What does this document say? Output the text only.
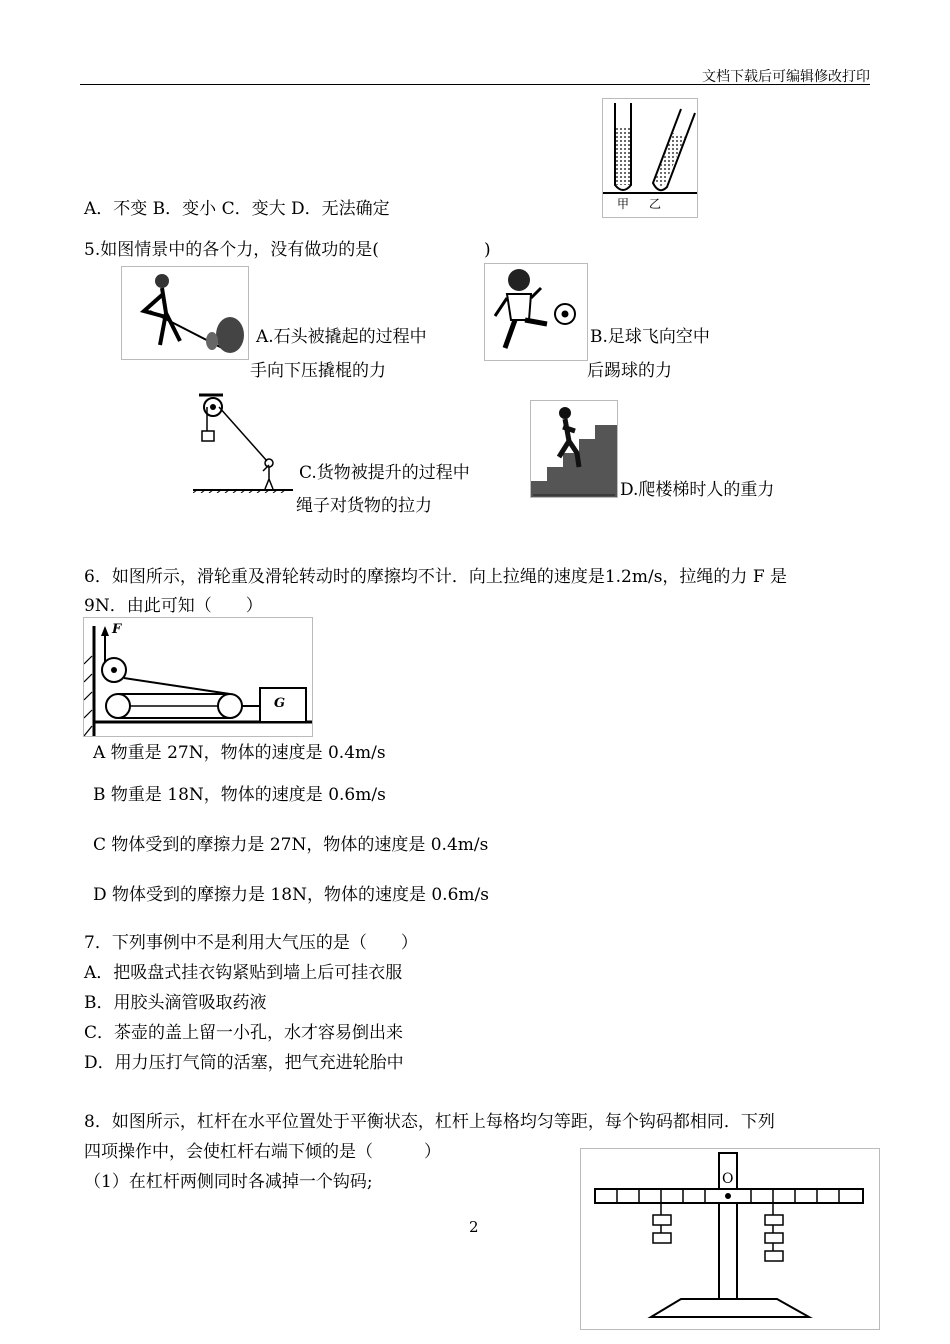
文档下载后可编辑修改打印
甲 乙
A．不变 B．变小 C．变大 D．无法确定
5.如图情景中的各个力，没有做功的是(	)
A.石头被撬起的过程中
手向下压撬棍的力
B.足球飞向空中
后踢球的力
C.货物被提升的过程中
绳子对货物的拉力
D.爬楼梯时人的重力
6．如图所示，滑轮重及滑轮转动时的摩擦均不计．向上拉绳的速度是1.2m/s，拉绳的力 F 是
9N．由此可知（　　）
F
G
A 物重是 27N，物体的速度是 0.4m/s
B 物重是 18N，物体的速度是 0.6m/s
C 物体受到的摩擦力是 27N，物体的速度是 0.4m/s
D 物体受到的摩擦力是 18N，物体的速度是 0.6m/s
7．下列事例中不是利用大气压的是（　　）
A．把吸盘式挂衣钩紧贴到墙上后可挂衣服
B．用胶头滴管吸取药液
C．茶壶的盖上留一小孔，水才容易倒出来
D．用力压打气筒的活塞，把气充进轮胎中
8．如图所示，杠杆在水平位置处于平衡状态，杠杆上每格均匀等距，每个钩码都相同．下列
四项操作中，会使杠杆右端下倾的是（　　　）
（1）在杠杆两侧同时各减掉一个钩码;	O
2
